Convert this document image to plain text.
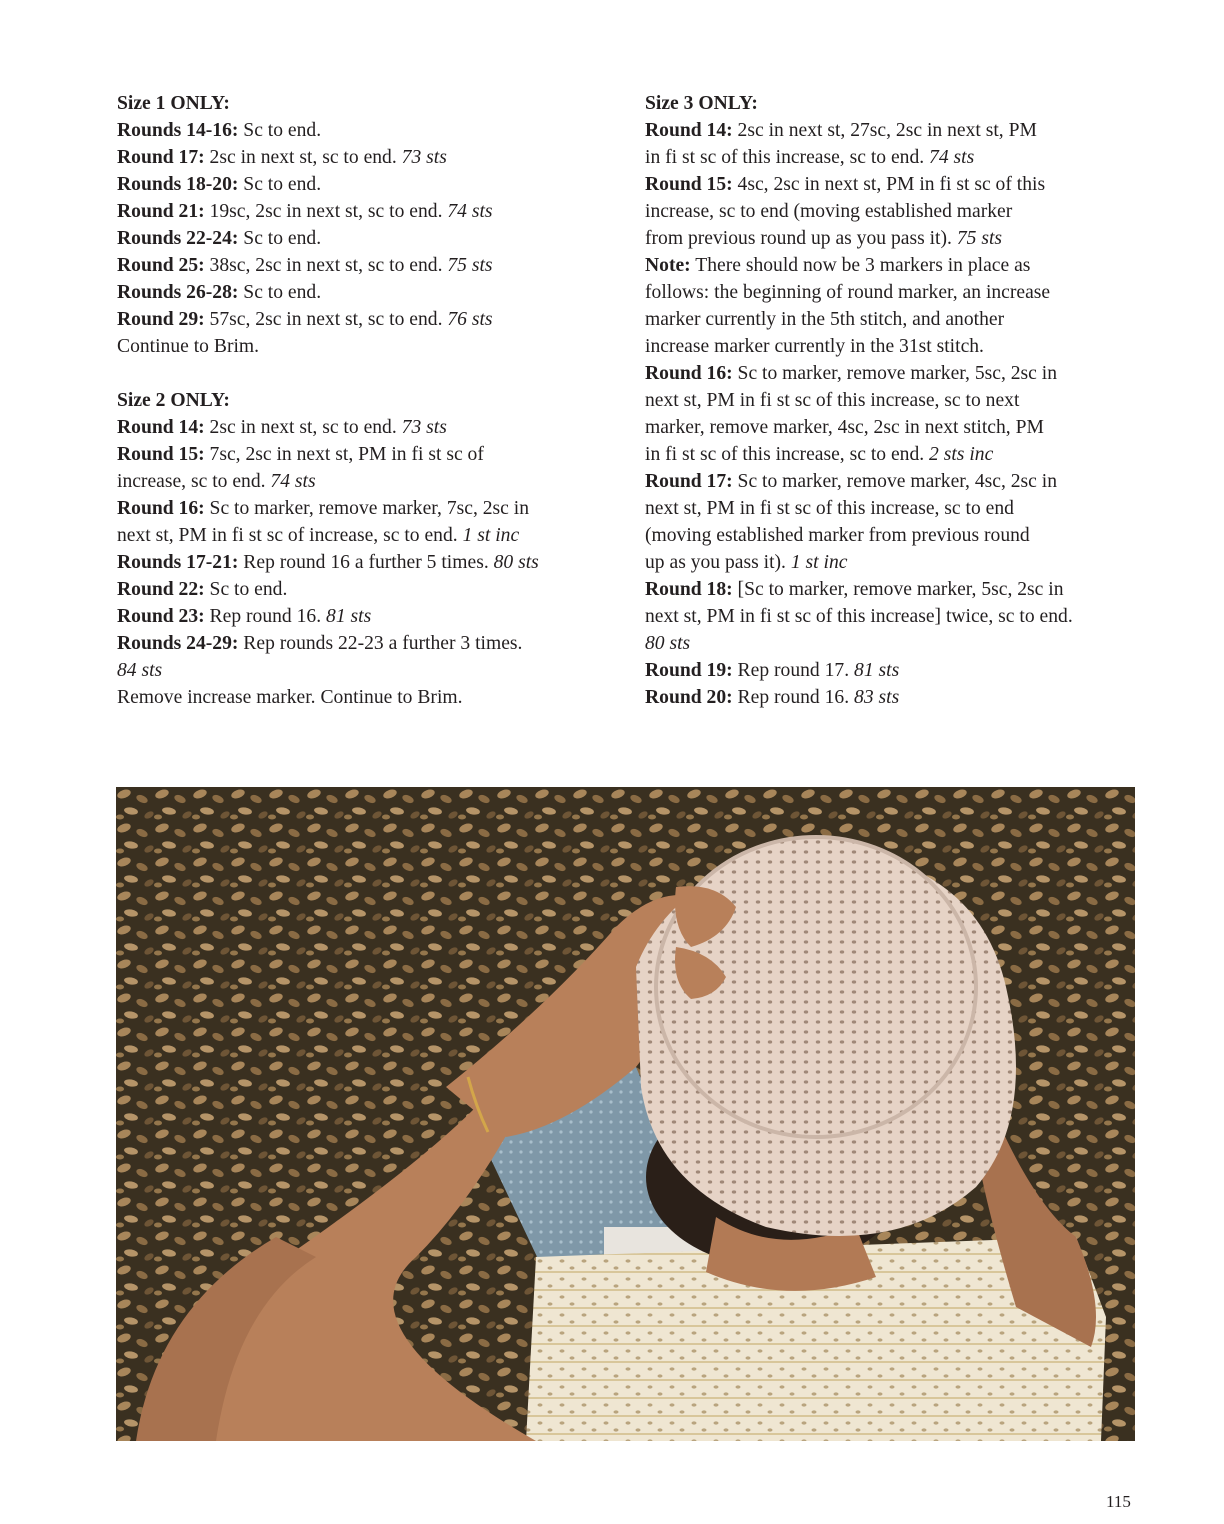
Size 1 ONLY:
Rounds 14-16: Sc to end.
Round 17: 2sc in next st, sc to end. 73 sts
Rounds 18-20: Sc to end.
Round 21: 19sc, 2sc in next st, sc to end. 74 sts
Rounds 22-24: Sc to end.
Round 25: 38sc, 2sc in next st, sc to end. 75 sts
Rounds 26-28: Sc to end.
Round 29: 57sc, 2sc in next st, sc to end. 76 sts
Continue to Brim.
Size 2 ONLY:
Round 14: 2sc in next st, sc to end. 73 sts
Round 15: 7sc, 2sc in next st, PM in fi st sc of
increase, sc to end. 74 sts
Round 16: Sc to marker, remove marker, 7sc, 2sc in
next st, PM in fi st sc of increase, sc to end. 1 st inc
Rounds 17-21: Rep round 16 a further 5 times. 80 sts
Round 22: Sc to end.
Round 23: Rep round 16. 81 sts
Rounds 24-29: Rep rounds 22-23 a further 3 times.
84 sts
Remove increase marker. Continue to Brim.
Size 3 ONLY:
Round 14: 2sc in next st, 27sc, 2sc in next st, PM
in fi st sc of this increase, sc to end. 74 sts
Round 15: 4sc, 2sc in next st, PM in fi st sc of this
increase, sc to end (moving established marker
from previous round up as you pass it). 75 sts
Note: There should now be 3 markers in place as
follows: the beginning of round marker, an increase
marker currently in the 5th stitch, and another
increase marker currently in the 31st stitch.
Round 16: Sc to marker, remove marker, 5sc, 2sc in
next st, PM in fi st sc of this increase, sc to next
marker, remove marker, 4sc, 2sc in next stitch, PM
in fi st sc of this increase, sc to end. 2 sts inc
Round 17: Sc to marker, remove marker, 4sc, 2sc in
next st, PM in fi st sc of this increase, sc to end
(moving established marker from previous round
up as you pass it). 1 st inc
Round 18: [Sc to marker, remove marker, 5sc, 2sc in
next st, PM in fi st sc of this increase] twice, sc to end.
80 sts
Round 19: Rep round 17. 81 sts
Round 20: Rep round 16. 83 sts
115
